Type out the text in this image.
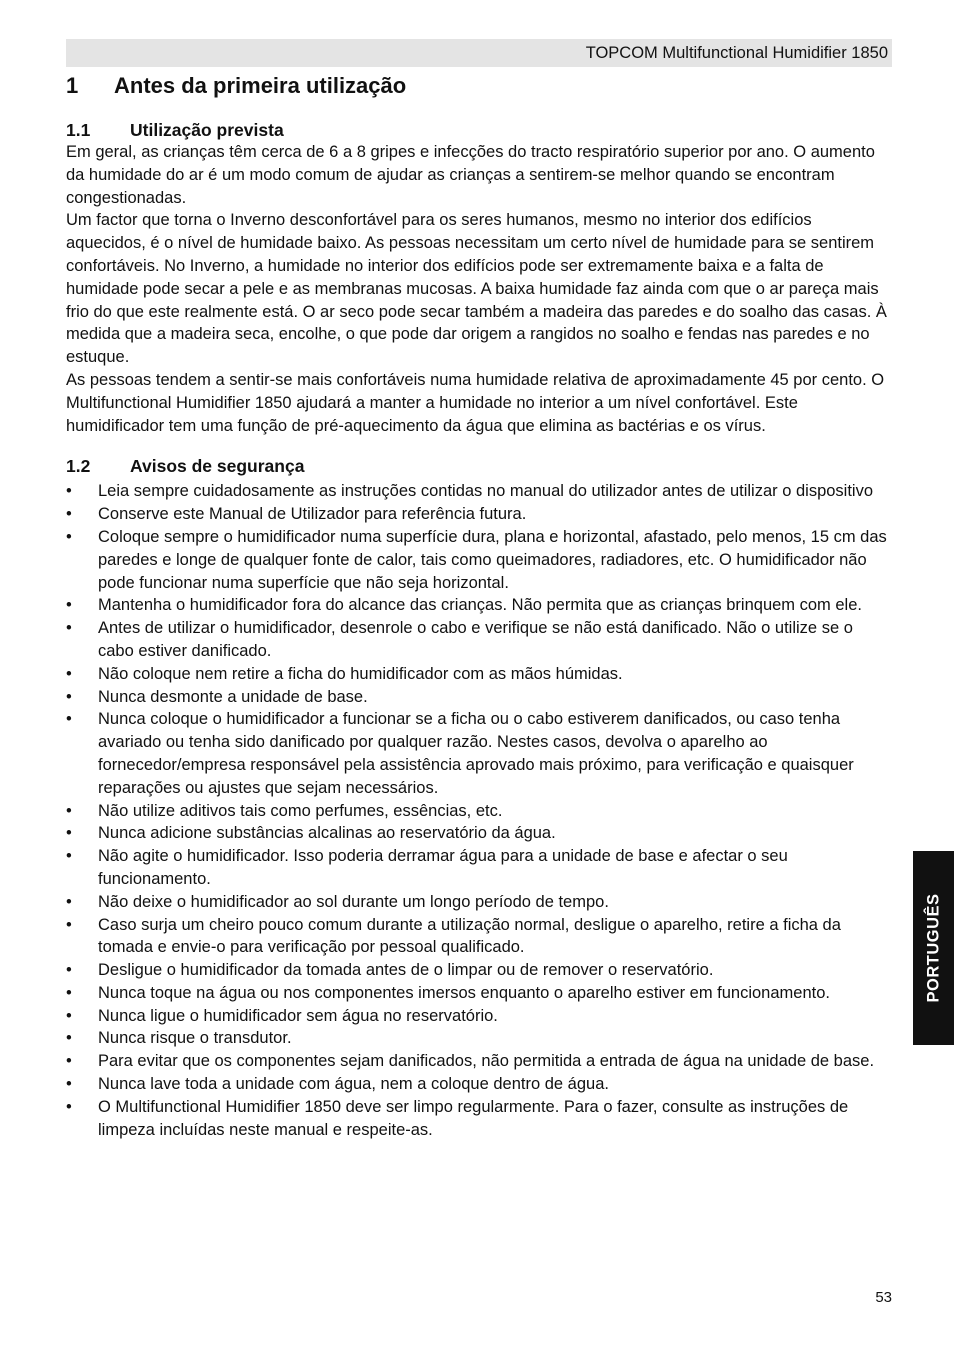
TOPCOM Multifunctional Humidifier 1850
1	Antes da primeira utilização
1.1	Utilização prevista

Em geral, as crianças têm cerca de 6 a 8 gripes e infecções do tracto respiratório superior por ano. O aumento da humidade do ar é um modo comum de ajudar as crianças a sentirem-se melhor quando se encontram congestionadas.

Um factor que torna o Inverno desconfortável para os seres humanos, mesmo no interior dos edifícios aquecidos, é o nível de humidade baixo. As pessoas necessitam um certo nível de humidade para se sentirem confortáveis. No Inverno, a humidade no interior dos edifícios pode ser extremamente baixa e a falta de humidade pode secar a pele e as membranas mucosas. A baixa humidade faz ainda com que o ar pareça mais frio do que este realmente está. O ar seco pode secar também a madeira das paredes e do soalho das casas. À medida que a madeira seca, encolhe, o que pode dar origem a rangidos no soalho e fendas nas paredes e no estuque.

As pessoas tendem a sentir-se mais confortáveis numa humidade relativa de aproximadamente 45 por cento. O Multifunctional Humidifier 1850 ajudará a manter a humidade no interior a um nível confortável. Este humidificador tem uma função de pré-aquecimento da água que elimina as bactérias e os vírus.

1.2	Avisos de segurança
•	Leia sempre cuidadosamente as instruções contidas no manual do utilizador antes de utilizar o dispositivo
•	Conserve este Manual de Utilizador para referência futura.
•	Coloque sempre o humidificador numa superfície dura, plana e horizontal, afastado, pelo menos, 15 cm das paredes e longe de qualquer fonte de calor, tais como queimadores, radiadores, etc. O humidificador não pode funcionar numa superfície que não seja horizontal.
•	Mantenha o humidificador fora do alcance das crianças. Não permita que as crianças brinquem com ele.
•	Antes de utilizar o humidificador, desenrole o cabo e verifique se não está danificado. Não o utilize se o cabo estiver danificado.
•	Não coloque nem retire a ficha do humidificador com as mãos húmidas.
•	Nunca desmonte a unidade de base.
•	Nunca coloque o humidificador a funcionar se a ficha ou o cabo estiverem danificados, ou caso tenha avariado ou tenha sido danificado por qualquer razão. Nestes casos, devolva o aparelho ao fornecedor/empresa responsável pela assistência aprovado mais próximo, para verificação e quaisquer reparações ou ajustes que sejam necessários.
•	Não utilize aditivos tais como perfumes, essências, etc.
•	Nunca adicione substâncias alcalinas ao reservatório da água.
•	Não agite o humidificador. Isso poderia derramar água para a unidade de base e afectar o seu funcionamento.
•	Não deixe o humidificador ao sol durante um longo período de tempo.
•	Caso surja um cheiro pouco comum durante a utilização normal, desligue o aparelho, retire a ficha da tomada e envie-o para verificação por pessoal qualificado.
•	Desligue o humidificador da tomada antes de o limpar ou de remover o reservatório.
•	Nunca toque na água ou nos componentes imersos enquanto o aparelho estiver em funcionamento.
•	Nunca ligue o humidificador sem água no reservatório.
•	Nunca risque o transdutor.
•	Para evitar que os componentes sejam danificados, não permitida a entrada de água na unidade de base.
•	Nunca lave toda a unidade com água, nem a coloque dentro de água.
•	O Multifunctional Humidifier 1850 deve ser limpo regularmente. Para o fazer, consulte as instruções de limpeza incluídas neste manual e respeite-as.
PORTUGUÊS
53
